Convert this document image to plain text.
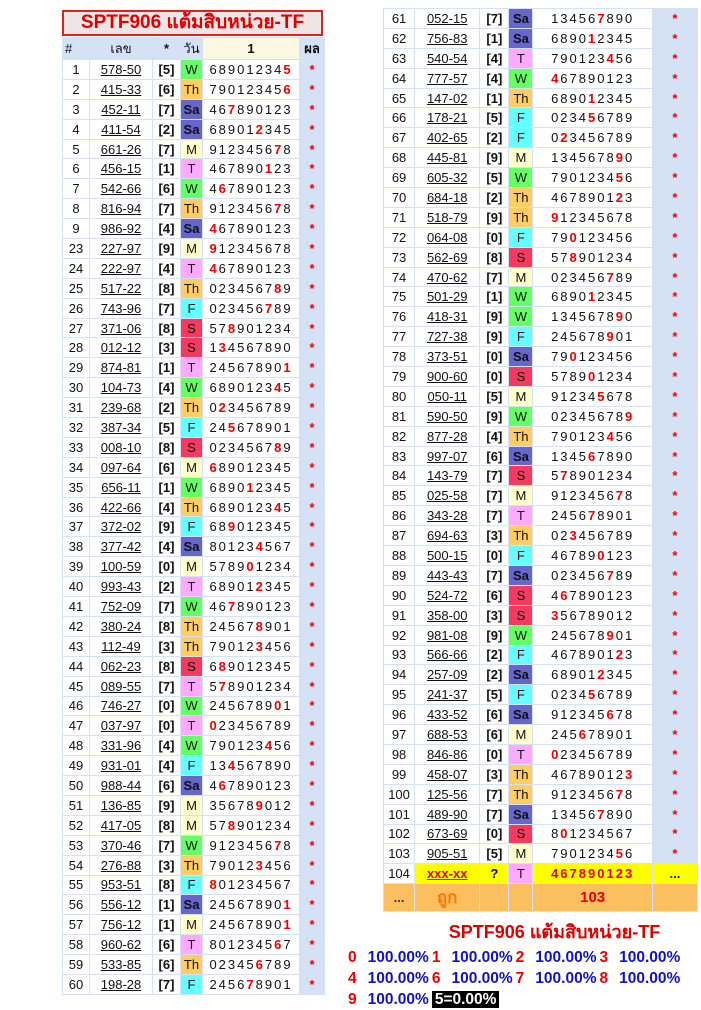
SPTF906 แต้มสิบหน่วย-TF
#	เลข	*	วัน	1	ผล
1	578-50	[5]	W	689012345	*
2	415-33	[6]	Th	790123456	*
3	452-11	[7]	Sa	467890123	*
4	411-54	[2]	Sa	689012345	*
5	661-26	[7]	M	912345678	*
6	456-15	[1]	T	467890123	*
7	542-66	[6]	W	467890123	*
8	816-94	[7]	Th	912345678	*
9	986-92	[4]	Sa	467890123	*
23	227-97	[9]	M	912345678	*
24	222-97	[4]	T	467890123	*
25	517-22	[8]	Th	023456789	*
26	743-96	[7]	F	023456789	*
27	371-06	[8]	S	578901234	*
28	012-12	[3]	S	134567890	*
29	874-81	[1]	T	245678901	*
30	104-73	[4]	W	689012345	*
31	239-68	[2]	Th	023456789	*
32	387-34	[5]	F	245678901	*
33	008-10	[8]	S	023456789	*
34	097-64	[6]	M	689012345	*
35	656-11	[1]	W	689012345	*
36	422-66	[4]	Th	689012345	*
37	372-02	[9]	F	689012345	*
38	377-42	[4]	Sa	801234567	*
39	100-59	[0]	M	578901234	*
40	993-43	[2]	T	689012345	*
41	752-09	[7]	W	467890123	*
42	380-24	[8]	Th	245678901	*
43	112-49	[3]	Th	790123456	*
44	062-23	[8]	S	689012345	*
45	089-55	[7]	T	578901234	*
46	746-27	[0]	W	245678901	*
47	037-97	[0]	T	023456789	*
48	331-96	[4]	W	790123456	*
49	931-01	[4]	F	134567890	*
50	988-44	[6]	Sa	467890123	*
51	136-85	[9]	M	356789012	*
52	417-05	[8]	M	578901234	*
53	370-46	[7]	W	912345678	*
54	276-88	[3]	Th	790123456	*
55	953-51	[8]	F	801234567	*
56	556-12	[1]	Sa	245678901	*
57	756-12	[1]	M	245678901	*
58	960-62	[6]	T	801234567	*
59	533-85	[6]	Th	023456789	*
60	198-28	[7]	F	245678901	*
61	052-15	[7]	Sa	134567890	*
62	756-83	[1]	Sa	689012345	*
63	540-54	[4]	T	790123456	*
64	777-57	[4]	W	467890123	*
65	147-02	[1]	Th	689012345	*
66	178-21	[5]	F	023456789	*
67	402-65	[2]	F	023456789	*
68	445-81	[9]	M	134567890	*
69	605-32	[5]	W	790123456	*
70	684-18	[2]	Th	467890123	*
71	518-79	[9]	Th	912345678	*
72	064-08	[0]	F	790123456	*
73	562-69	[8]	S	578901234	*
74	470-62	[7]	M	023456789	*
75	501-29	[1]	W	689012345	*
76	418-31	[9]	W	134567890	*
77	727-38	[9]	F	245678901	*
78	373-51	[0]	Sa	790123456	*
79	900-60	[0]	S	578901234	*
80	050-11	[5]	M	912345678	*
81	590-50	[9]	W	023456789	*
82	877-28	[4]	Th	790123456	*
83	997-07	[6]	Sa	134567890	*
84	143-79	[7]	S	578901234	*
85	025-58	[7]	M	912345678	*
86	343-28	[7]	T	245678901	*
87	694-63	[3]	Th	023456789	*
88	500-15	[0]	F	467890123	*
89	443-43	[7]	Sa	023456789	*
90	524-72	[6]	S	467890123	*
91	358-00	[3]	S	356789012	*
92	981-08	[9]	W	245678901	*
93	566-66	[2]	F	467890123	*
94	257-09	[2]	Sa	689012345	*
95	241-37	[5]	F	023456789	*
96	433-52	[6]	Sa	912345678	*
97	688-53	[6]	M	245678901	*
98	846-86	[0]	T	023456789	*
99	458-07	[3]	Th	467890123	*
100	125-56	[7]	Th	912345678	*
101	489-90	[7]	Sa	134567890	*
102	673-69	[0]	S	801234567	*
103	905-51	[5]	M	790123456	*
104	xxx-xx	?	T	467890123	...
...	ถูก			103	
SPTF906 แต้มสิบหน่วย-TF
0 100.00% 1 100.00% 2 100.00% 3 100.00%
4 100.00% 6 100.00% 7 100.00% 8 100.00%
9 100.00% 5=0.00%
